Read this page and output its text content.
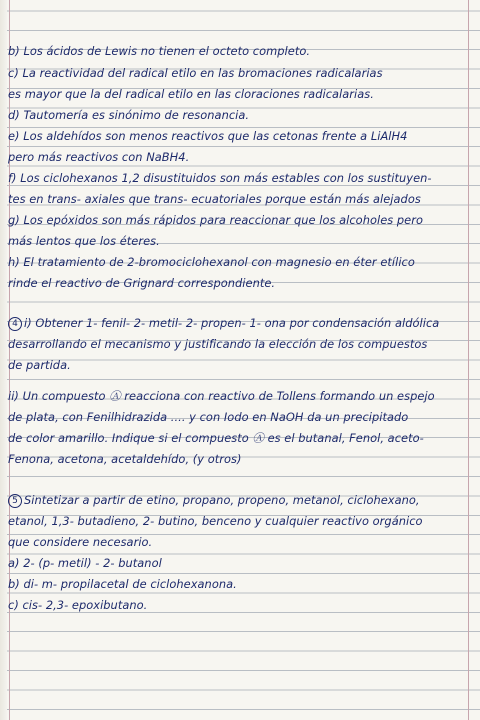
b) Los ácidos de Lewis no tienen el octeto completo.
c) La reactividad del radical etilo en las bromaciones radicalarias
es mayor que la del radical etilo en las cloraciones radicalarias.
d) Tautomería es sinónimo de resonancia.
e) Los aldehídos son menos reactivos que las cetonas frente a LiAlH4
pero más reactivos con NaBH4.
f) Los ciclohexanos 1,2 disustituidos son más estables con los sustituyen-
tes en trans- axiales que trans- ecuatoriales porque están más alejados
g) Los epóxidos son más rápidos para reaccionar que los alcoholes pero
más lentos que los éteres.
h) El tratamiento de 2-bromociclohexanol con magnesio en éter etílico
rinde el reactivo de Grignard correspondiente.
4 i) Obtener 1- fenil- 2- metil- 2- propen- 1- ona por condensación aldólica
desarrollando el mecanismo y justificando la elección de los compuestos
de partida.
ii) Un compuesto Ⓐ reacciona con reactivo de Tollens formando un espejo
de plata, con Fenilhidrazida .... y con Iodo en NaOH da un precipitado
de color amarillo. Indique si el compuesto Ⓐ es el butanal, Fenol, aceto-
Fenona, acetona, acetaldehído, (y otros)
5 Sintetizar a partir de etino, propano, propeno, metanol, ciclohexano,
etanol, 1,3- butadieno, 2- butino, benceno y cualquier reactivo orgánico
que considere necesario.
a) 2- (p- metil) - 2- butanol
b) di- m- propilacetal de ciclohexanona.
c) cis- 2,3- epoxibutano.
